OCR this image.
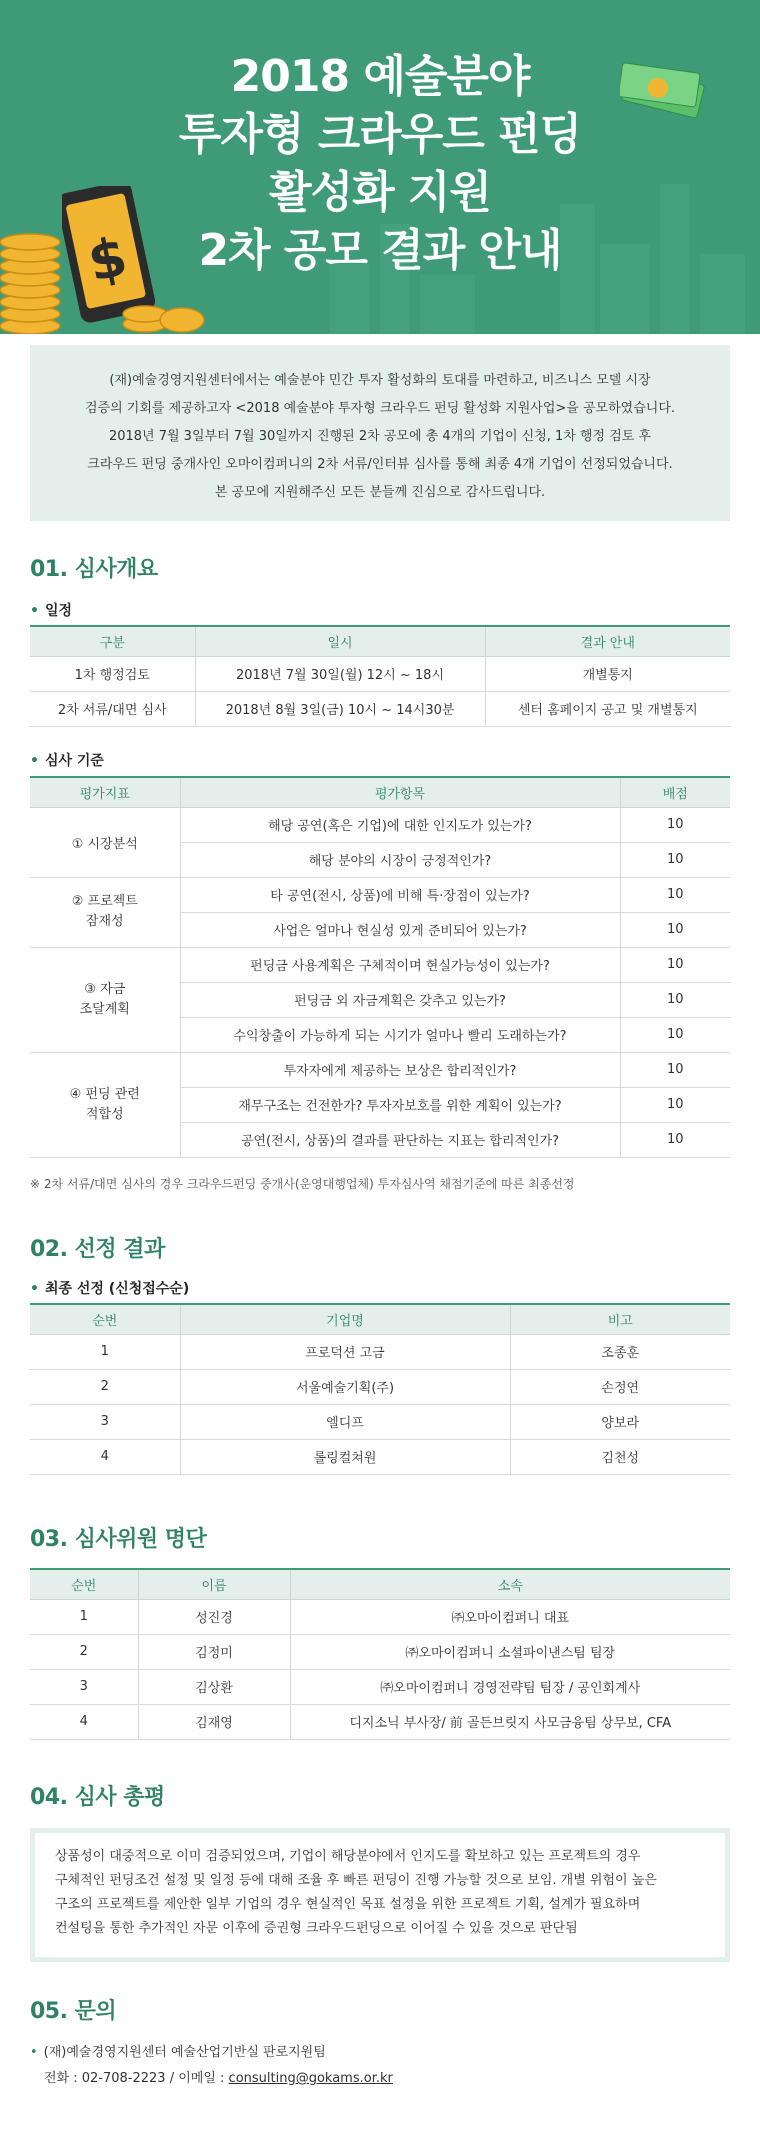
2018 예술분야
투자형 크라우드 펀딩
활성화 지원
2차 공모 결과 안내
$

(재)예술경영지원센터에서는 예술분야 민간 투자 활성화의 토대를 마련하고, 비즈니스 모델 시장

검증의 기회를 제공하고자 <2018 예술분야 투자형 크라우드 펀딩 활성화 지원사업>을 공모하였습니다.

2018년 7월 3일부터 7월 30일까지 진행된 2차 공모에 총 4개의 기업이 신청, 1차 행정 검토 후

크라우드 펀딩 중개사인 오마이컴퍼니의 2차 서류/인터뷰 심사를 통해 최종 4개 기업이 선정되었습니다.

본 공모에 지원해주신 모든 분들께 진심으로 감사드립니다.

01. 심사개요
• 일정
구분	일시	결과 안내
1차 행정검토	2018년 7월 30일(월) 12시 ~ 18시	개별통지
2차 서류/대면 심사	2018년 8월 3일(금) 10시 ~ 14시30분	센터 홈페이지 공고 및 개별통지
• 심사 기준
평가지표	평가항목	배점
① 시장분석	해당 공연(혹은 기업)에 대한 인지도가 있는가?	10
	해당 분야의 시장이 긍정적인가?	10
② 프로젝트
잠재성	타 공연(전시, 상품)에 비해 특·장점이 있는가?	10
	사업은 얼마나 현실성 있게 준비되어 있는가?	10
③ 자금
조달계획	펀딩금 사용계획은 구체적이며 현실가능성이 있는가?	10
	펀딩금 외 자금계획은 갖추고 있는가?	10
	수익창출이 가능하게 되는 시기가 얼마나 빨리 도래하는가?	10
④ 펀딩 관련
적합성	투자자에게 제공하는 보상은 합리적인가?	10
	재무구조는 건전한가? 투자자보호를 위한 계획이 있는가?	10
	공연(전시, 상품)의 결과를 판단하는 지표는 합리적인가?	10

※ 2차 서류/대면 심사의 경우 크라우드펀딩 중개사(운영대행업체) 투자심사역 채점기준에 따른 최종선정

02. 선정 결과
• 최종 선정 (신청접수순)
순번	기업명	비고
1	프로덕션 고금	조종훈
2	서울예술기획(주)	손정연
3	엘디프	양보라
4	롤링컬쳐원	김천성
03. 심사위원 명단
순번	이름	소속
1	성진경	㈜오마이컴퍼니 대표
2	김정미	㈜오마이컴퍼니 소셜파이낸스팀 팀장
3	김상환	㈜오마이컴퍼니 경영전략팀 팀장 / 공인회계사
4	김재영	디지소닉 부사장/ 前 골든브릿지 사모금융팀 상무보, CFA
04. 심사 총평

상품성이 대중적으로 이미 검증되었으며, 기업이 해당분야에서 인지도를 확보하고 있는 프로젝트의 경우

구체적인 펀딩조건 설정 및 일정 등에 대해 조율 후 빠른 펀딩이 진행 가능할 것으로 보임. 개별 위험이 높은

구조의 프로젝트를 제안한 일부 기업의 경우 현실적인 목표 설정을 위한 프로젝트 기획, 설계가 필요하며

컨설팅을 통한 추가적인 자문 이후에 증권형 크라우드펀딩으로 이어질 수 있을 것으로 판단됨

05. 문의

• (재)예술경영지원센터 예술산업기반실 판로지원팀

전화 : 02-708-2223 / 이메일 : consulting@gokams.or.kr
